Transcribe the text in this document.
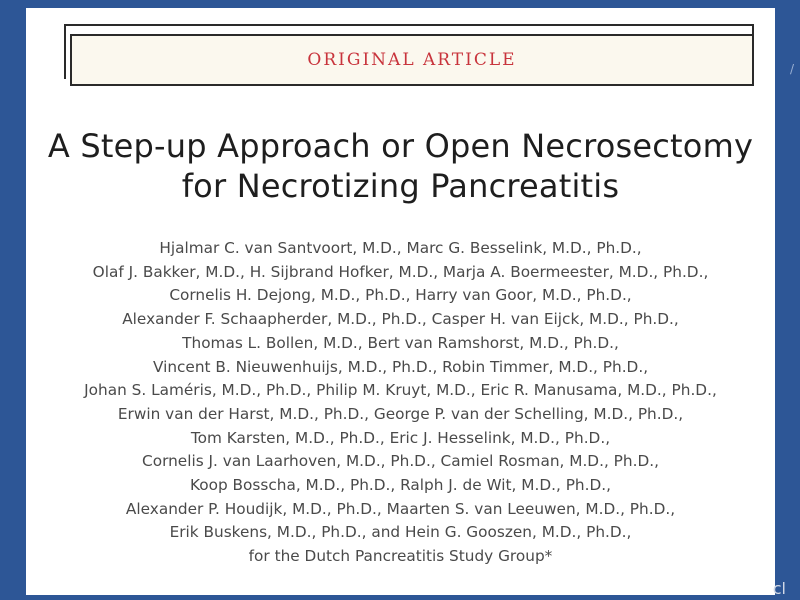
ORIGINAL ARTICLE
A Step-up Approach or Open Necrosectomy
for Necrotizing Pancreatitis
Hjalmar C. van Santvoort, M.D., Marc G. Besselink, M.D., Ph.D.,
Olaf J. Bakker, M.D., H. Sijbrand Hofker, M.D., Marja A. Boermeester, M.D., Ph.D.,
Cornelis H. Dejong, M.D., Ph.D., Harry van Goor, M.D., Ph.D.,
Alexander F. Schaapherder, M.D., Ph.D., Casper H. van Eijck, M.D., Ph.D.,
Thomas L. Bollen, M.D., Bert van Ramshorst, M.D., Ph.D.,
Vincent B. Nieuwenhuijs, M.D., Ph.D., Robin Timmer, M.D., Ph.D.,
Johan S. Laméris, M.D., Ph.D., Philip M. Kruyt, M.D., Eric R. Manusama, M.D., Ph.D.,
Erwin van der Harst, M.D., Ph.D., George P. van der Schelling, M.D., Ph.D.,
Tom Karsten, M.D., Ph.D., Eric J. Hesselink, M.D., Ph.D.,
Cornelis J. van Laarhoven, M.D., Ph.D., Camiel Rosman, M.D., Ph.D.,
Koop Bosscha, M.D., Ph.D., Ralph J. de Wit, M.D., Ph.D.,
Alexander P. Houdijk, M.D., Ph.D., Maarten S. van Leeuwen, M.D., Ph.D.,
Erik Buskens, M.D., Ph.D., and Hein G. Gooszen, M.D., Ph.D.,
for the Dutch Pancreatitis Study Group*
/
cl
